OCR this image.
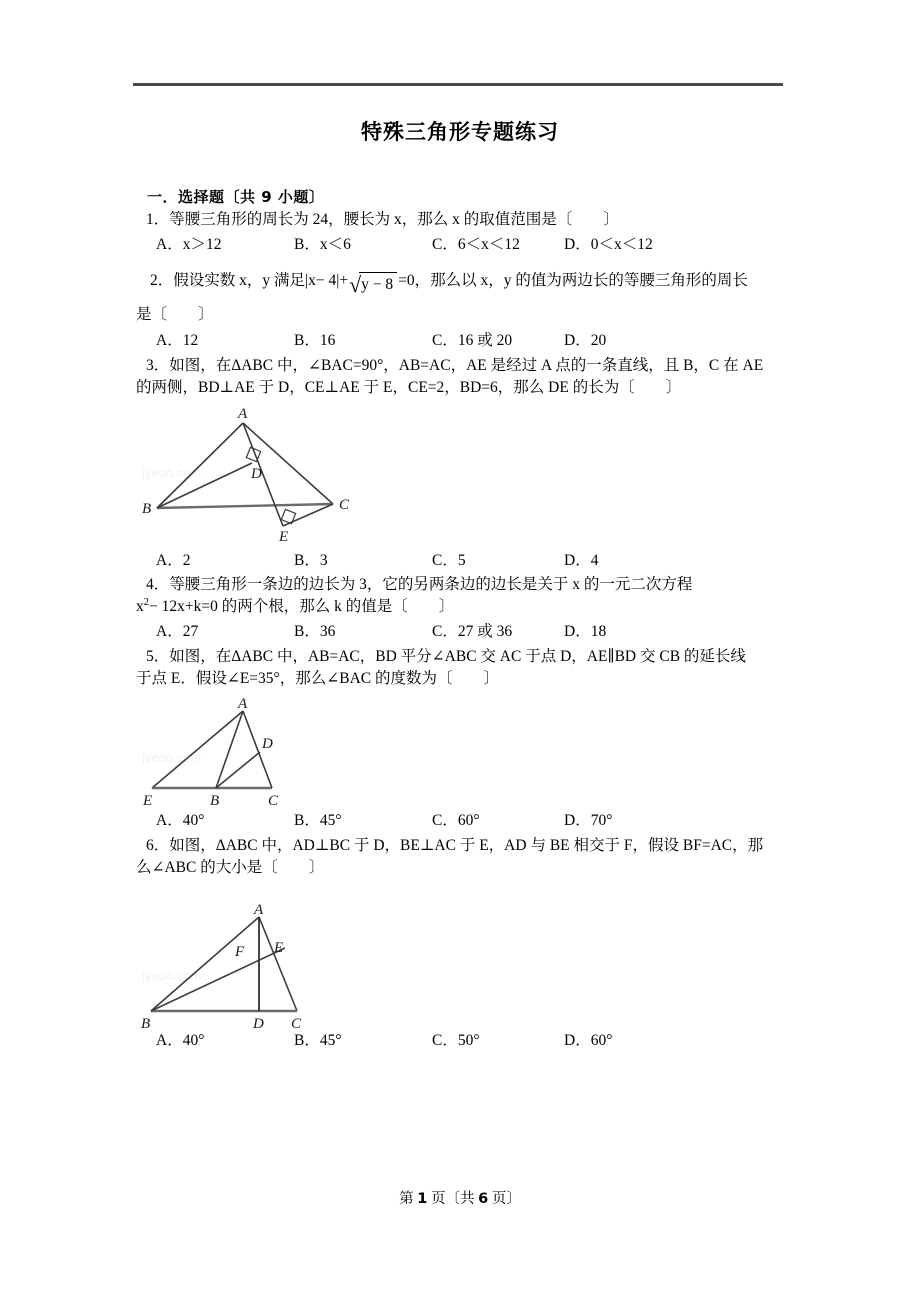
特殊三角形专题练习
一．选择题〔共 9 小题〕
1．等腰三角形的周长为 24，腰长为 x，那么 x 的取值范围是〔　　〕
A．x＞12	B．x＜6	C．6＜x＜12	D．0＜x＜12
2．假设实数 x，y 满足|x− 4|+√y − 8 =0，那么以 x，y 的值为两边长的等腰三角形的周长
是〔　　〕
A．12	B．16	C．16 或 20	D．20
3．如图，在ΔABC 中，∠BAC=90°，AB=AC，AE 是经过 A 点的一条直线，且 B，C 在 AE
的两侧，BD⊥AE 于 D，CE⊥AE 于 E，CE=2，BD=6，那么 DE 的长为〔　　〕
jyeoo.com
A
B	C
D
E
A．2	B．3	C．5	D．4
4．等腰三角形一条边的边长为 3，它的另两条边的边长是关于 x 的一元二次方程
$x^2- 12x+k=0$ 的两个根，那么 k 的值是〔　　〕
A．27	B．36	C．27 或 36	D．18
5．如图，在ΔABC 中，AB=AC，BD 平分∠ABC 交 AC 于点 D，AE∥BD 交 CB 的延长线
于点 E．假设∠E=35°，那么∠BAC 的度数为〔　　〕
jyeoo.com
A
D
E	B	C
A．40°	B．45°	C．60°	D．70°
6．如图，ΔABC 中，AD⊥BC 于 D，BE⊥AC 于 E，AD 与 BE 相交于 F，假设 BF=AC，那
么∠ABC 的大小是〔　　〕
jyeoo.com
A
F E
B	D C
A．40°	B．45°	C．50°	D．60°
第 1 页〔共 6 页〕
